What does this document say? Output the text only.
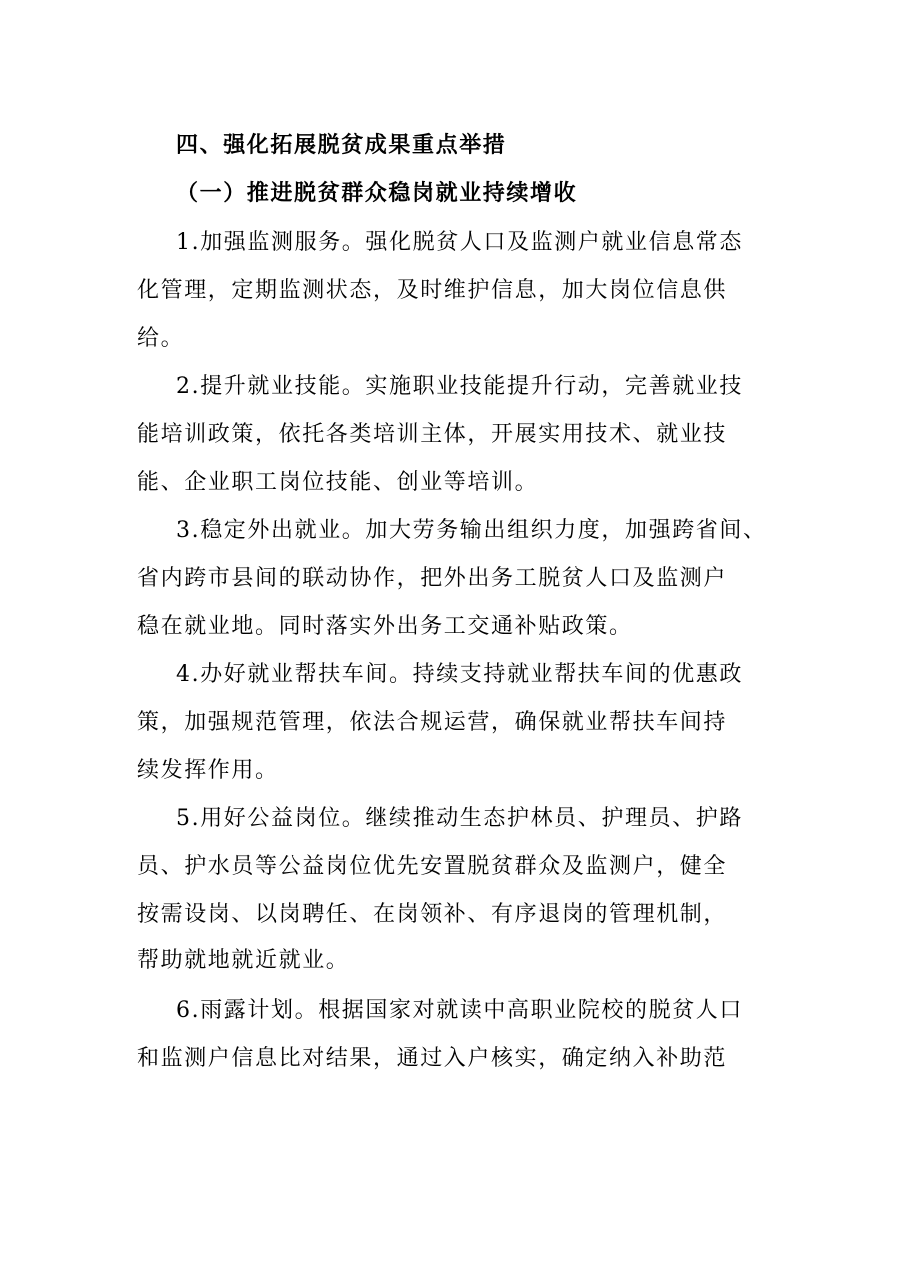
四、强化拓展脱贫成果重点举措
（一）推进脱贫群众稳岗就业持续增收
1.加强监测服务。强化脱贫人口及监测户就业信息常态
化管理，定期监测状态，及时维护信息，加大岗位信息供
给。
2.提升就业技能。实施职业技能提升行动，完善就业技
能培训政策，依托各类培训主体，开展实用技术、就业技
能、企业职工岗位技能、创业等培训。
3.稳定外出就业。加大劳务输出组织力度，加强跨省间、
省内跨市县间的联动协作，把外出务工脱贫人口及监测户
稳在就业地。同时落实外出务工交通补贴政策。
4.办好就业帮扶车间。持续支持就业帮扶车间的优惠政
策，加强规范管理，依法合规运营，确保就业帮扶车间持
续发挥作用。
5.用好公益岗位。继续推动生态护林员、护理员、护路
员、护水员等公益岗位优先安置脱贫群众及监测户，健全
按需设岗、以岗聘任、在岗领补、有序退岗的管理机制，
帮助就地就近就业。
6.雨露计划。根据国家对就读中高职业院校的脱贫人口
和监测户信息比对结果，通过入户核实，确定纳入补助范
